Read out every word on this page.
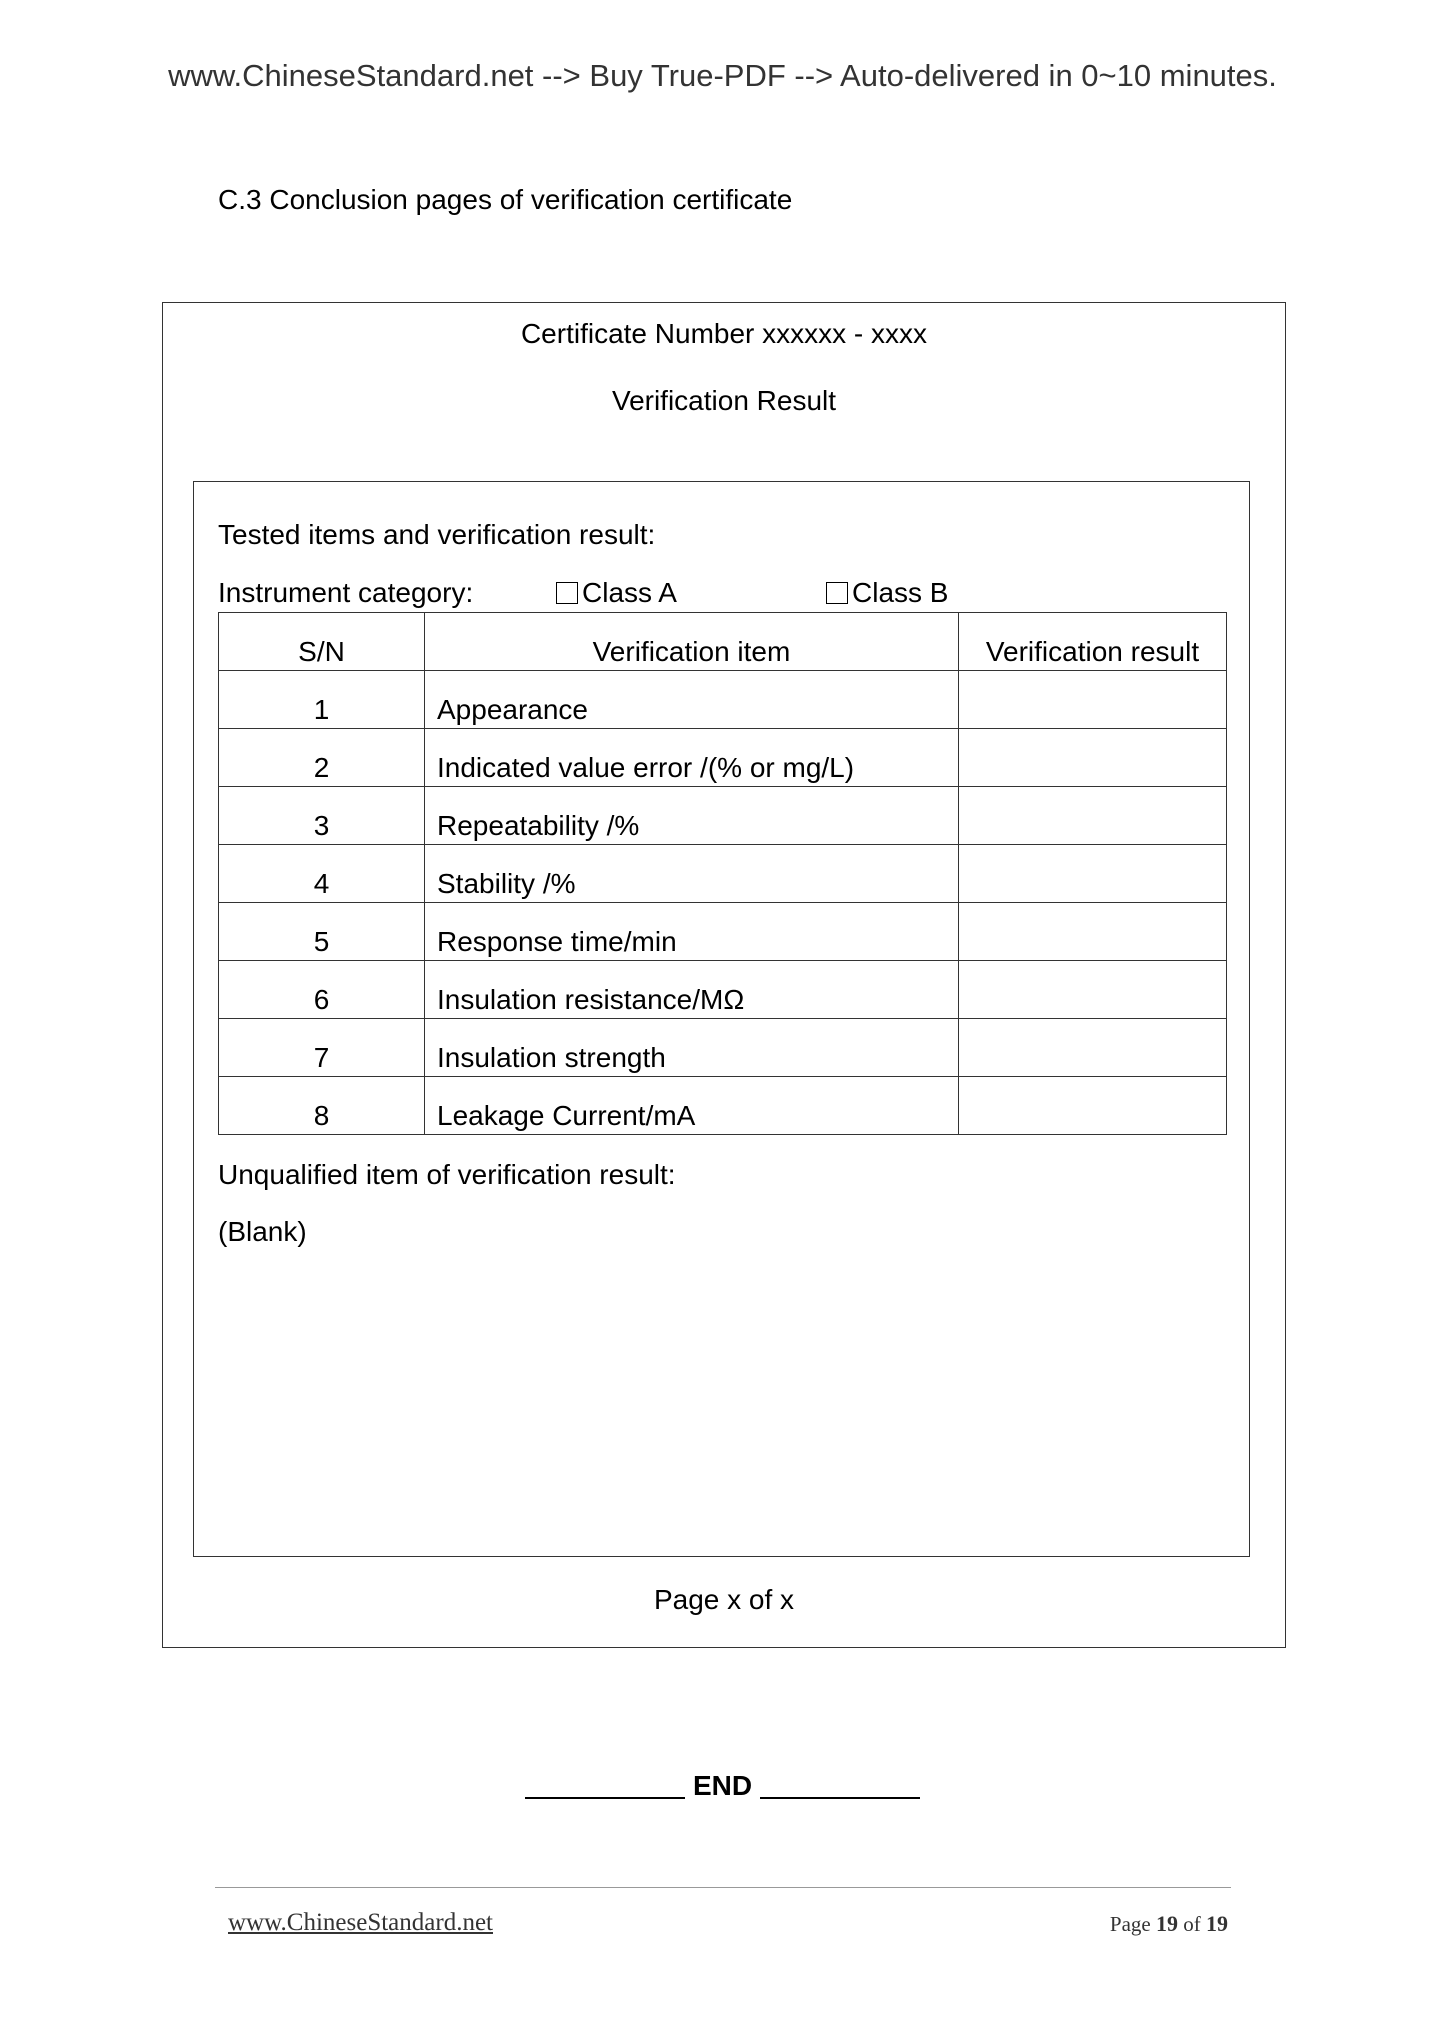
www.ChineseStandard.net --> Buy True-PDF --> Auto-delivered in 0~10 minutes.
C.3 Conclusion pages of verification certificate
Certificate Number xxxxxx - xxxx
Verification Result
Tested items and verification result:
Instrument category:	Class A	Class B
S/N	Verification item	Verification result
1	Appearance	
2	Indicated value error /(% or mg/L)	
3	Repeatability /%	
4	Stability /%	
5	Response time/min	
6	Insulation resistance/MΩ	
7	Insulation strength	
8	Leakage Current/mA	
Unqualified item of verification result:
(Blank)
Page x of x
END
www.ChineseStandard.net	Page 19 of 19
